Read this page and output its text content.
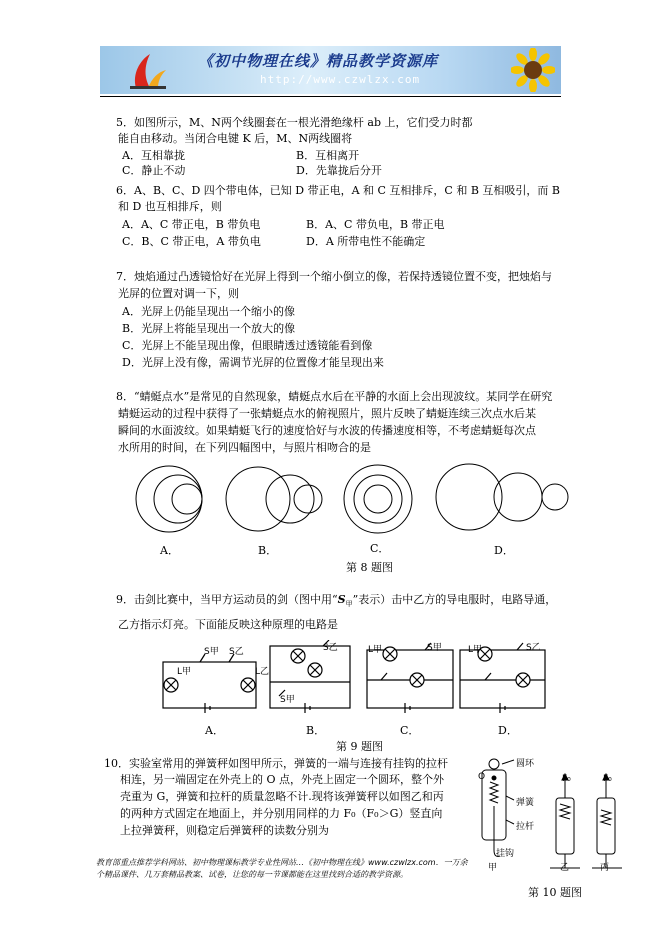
《初中物理在线》精品教学资源库
http://www.czwlzx.com
5．如图所示，M、N两个线圈套在一根光滑绝缘杆 ab 上，它们受力时都
能自由移动。当闭合电键 K 后，M、N两线圈将
A．互相靠拢	B．互相离开
C．静止不动	D．先靠拢后分开
6．A、B、C、D 四个带电体，已知 D 带正电，A 和 C 互相排斥，C 和 B 互相吸引，而 B
和 D 也互相排斥，则
A．A、C 带正电，B 带负电	B．A、C 带负电，B 带正电
C．B、C 带正电，A 带负电	D．A 所带电性不能确定
7．烛焰通过凸透镜恰好在光屏上得到一个缩小倒立的像，若保持透镜位置不变，把烛焰与
光屏的位置对调一下，则
A．光屏上仍能呈现出一个缩小的像
B．光屏上将能呈现出一个放大的像
C．光屏上不能呈现出像，但眼睛透过透镜能看到像
D．光屏上没有像，需调节光屏的位置像才能呈现出来
8．“蜻蜓点水”是常见的自然现象，蜻蜓点水后在平静的水面上会出现波纹。某同学在研究
蜻蜓运动的过程中获得了一张蜻蜓点水的俯视照片，照片反映了蜻蜓连续三次点水后某
瞬间的水面波纹。如果蜻蜓飞行的速度恰好与水波的传播速度相等，不考虑蜻蜓每次点
水所用的时间，在下列四幅图中，与照片相吻合的是
A．	B．	C．	D．
第 8 题图
9．击剑比赛中，当甲方运动员的剑（图中用“$S_甲$”表示）击中乙方的导电服时，电路导通，
乙方指示灯亮。下面能反映这种原理的电路是
L甲
S甲 S乙
L乙
S甲
S乙	L甲	S甲	L甲	S乙
A．	B．	C．	D．
第 9 题图
10．实验室常用的弹簧秤如图甲所示，弹簧的一端与连接有挂钩的拉杆
相连，另一端固定在外壳上的 O 点，外壳上固定一个圆环，整个外
壳重为 G，弹簧和拉杆的质量忽略不计.现将该弹簧秤以如图乙和丙
的两种方式固定在地面上，并分别用同样的力 F₀（F₀＞G）竖直向
上拉弹簧秤，则稳定后弹簧秤的读数分别为
圆环
O
弹簧
拉杆
挂钩
F₀	F₀
甲	乙	丙
第 10 题图
教育部重点推荐学科网站、初中物理课标教学专业性网站…《初中物理在线》www.czwlzx.com．一万余
个精品课件、几万套精品教案、试卷，让您的每一节课都能在这里找到合适的教学资源。
